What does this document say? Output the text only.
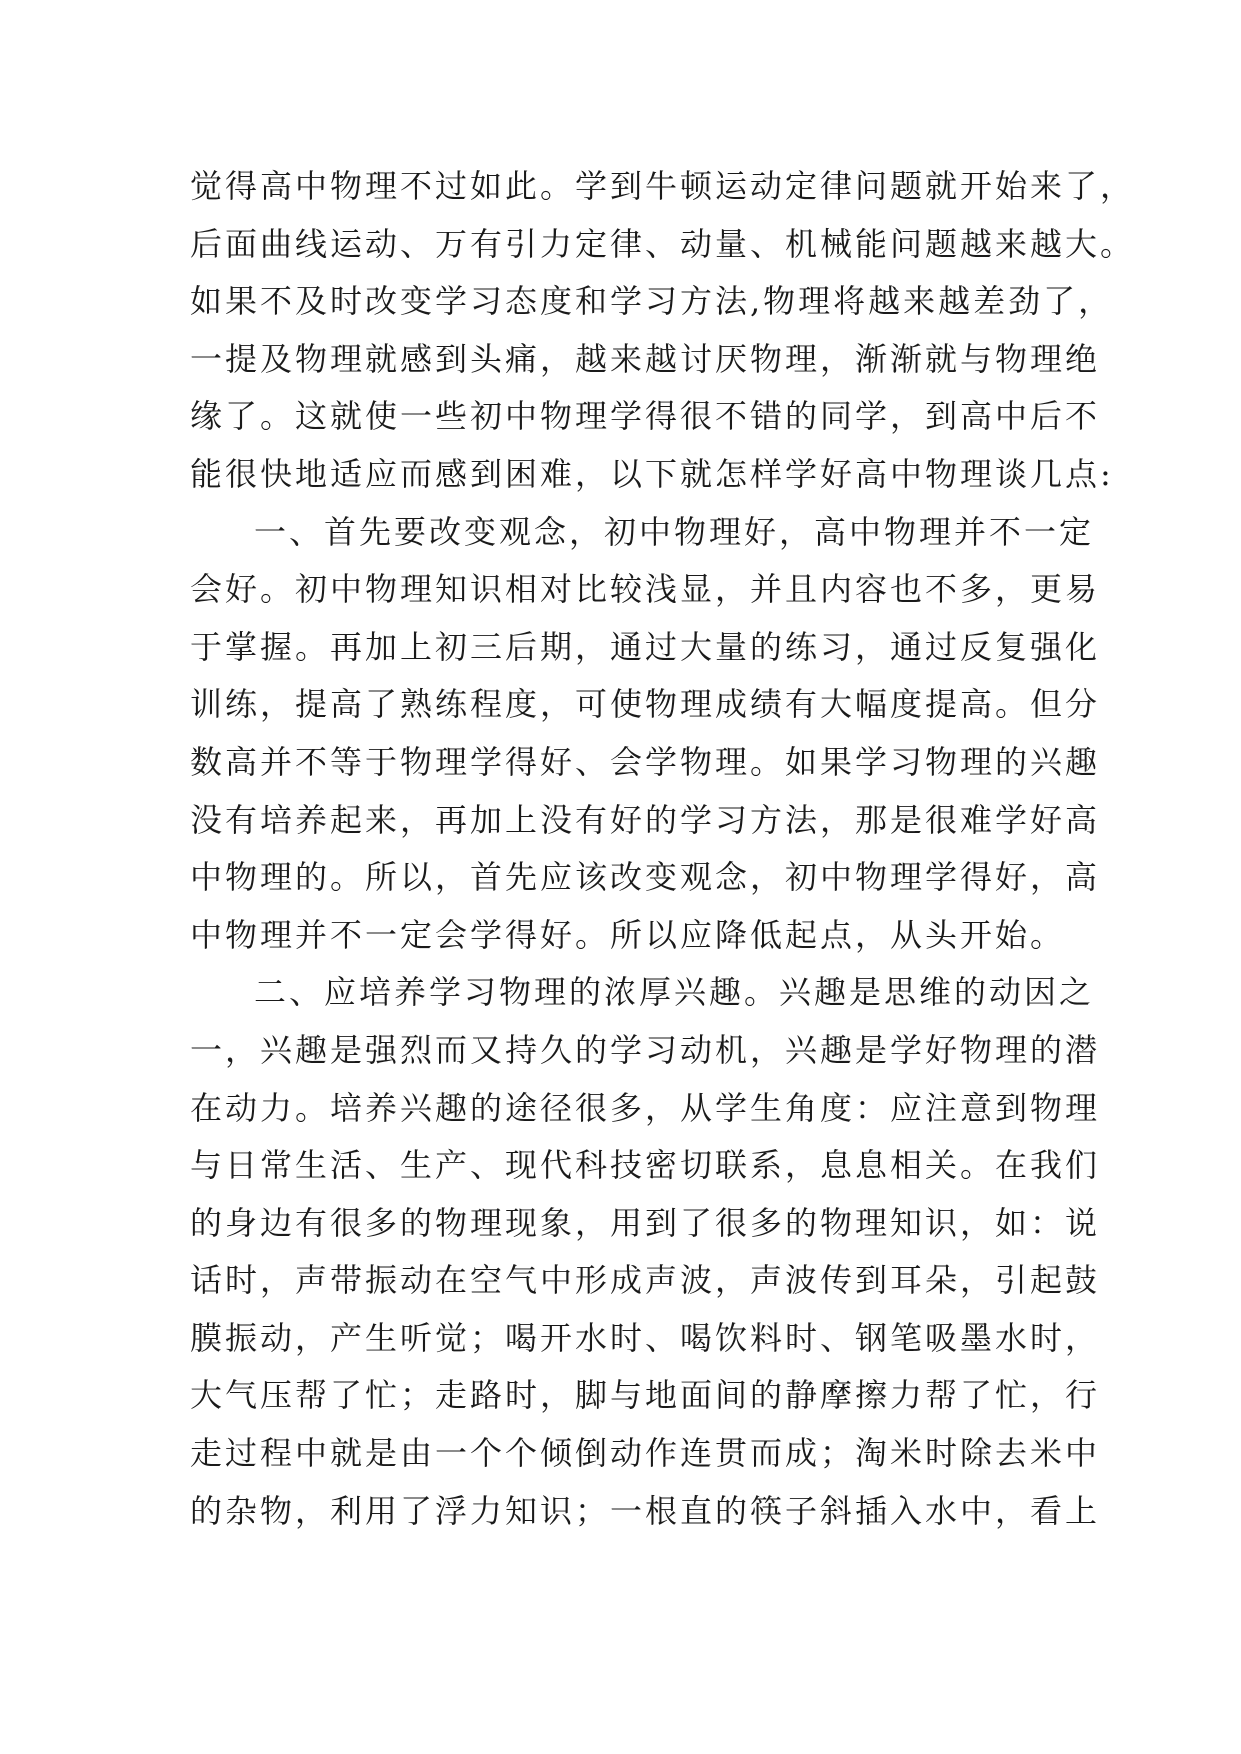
觉得高中物理不过如此。学到牛顿运动定律问题就开始来了，
后面曲线运动、万有引力定律、动量、机械能问题越来越大。
如果不及时改变学习态度和学习方法,物理将越来越差劲了，
一提及物理就感到头痛，越来越讨厌物理，渐渐就与物理绝
缘了。这就使一些初中物理学得很不错的同学，到高中后不
能很快地适应而感到困难，以下就怎样学好高中物理谈几点:
一、首先要改变观念，初中物理好，高中物理并不一定
会好。初中物理知识相对比较浅显，并且内容也不多，更易
于掌握。再加上初三后期，通过大量的练习，通过反复强化
训练，提高了熟练程度，可使物理成绩有大幅度提高。但分
数高并不等于物理学得好、会学物理。如果学习物理的兴趣
没有培养起来，再加上没有好的学习方法，那是很难学好高
中物理的。所以，首先应该改变观念，初中物理学得好，高
中物理并不一定会学得好。所以应降低起点，从头开始。
二、应培养学习物理的浓厚兴趣。兴趣是思维的动因之
一，兴趣是强烈而又持久的学习动机，兴趣是学好物理的潜
在动力。培养兴趣的途径很多，从学生角度：应注意到物理
与日常生活、生产、现代科技密切联系，息息相关。在我们
的身边有很多的物理现象，用到了很多的物理知识，如：说
话时，声带振动在空气中形成声波，声波传到耳朵，引起鼓
膜振动，产生听觉；喝开水时、喝饮料时、钢笔吸墨水时，
大气压帮了忙；走路时，脚与地面间的静摩擦力帮了忙，行
走过程中就是由一个个倾倒动作连贯而成；淘米时除去米中
的杂物，利用了浮力知识；一根直的筷子斜插入水中，看上
